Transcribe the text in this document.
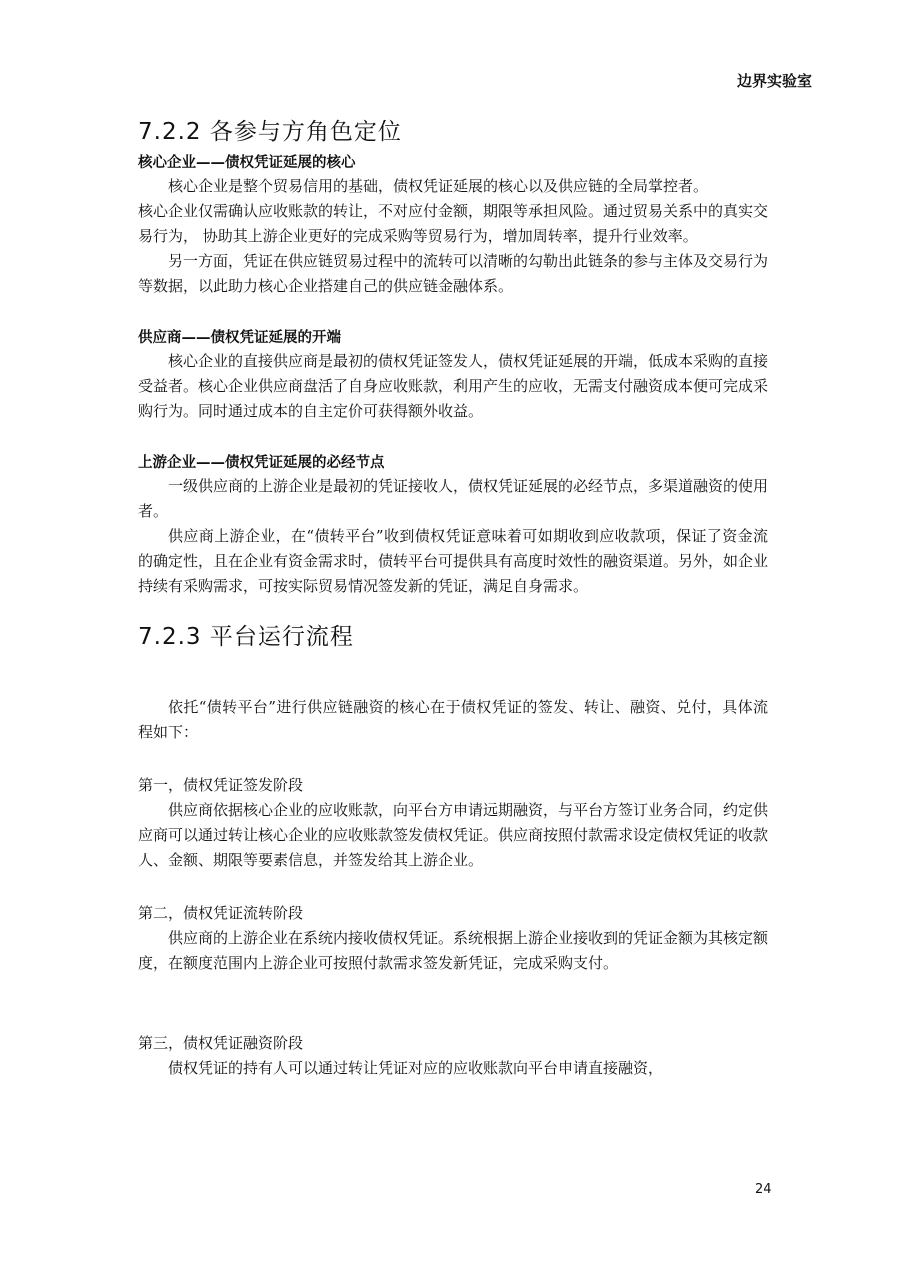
边界实验室
7.2.2 各参与方角色定位
核心企业——债权凭证延展的核心

核心企业是整个贸易信用的基础，债权凭证延展的核心以及供应链的全局掌控者。

核心企业仅需确认应收账款的转让，不对应付金额，期限等承担风险。通过贸易关系中的真实交易行为， 协助其上游企业更好的完成采购等贸易行为，增加周转率，提升行业效率。

另一方面，凭证在供应链贸易过程中的流转可以清晰的勾勒出此链条的参与主体及交易行为等数据，以此助力核心企业搭建自己的供应链金融体系。

供应商——债权凭证延展的开端

核心企业的直接供应商是最初的债权凭证签发人，债权凭证延展的开端，低成本采购的直接受益者。核心企业供应商盘活了自身应收账款，利用产生的应收，无需支付融资成本便可完成采购行为。同时通过成本的自主定价可获得额外收益。

上游企业——债权凭证延展的必经节点

一级供应商的上游企业是最初的凭证接收人，债权凭证延展的必经节点，多渠道融资的使用者。

供应商上游企业，在“债转平台”收到债权凭证意味着可如期收到应收款项，保证了资金流的确定性，且在企业有资金需求时，债转平台可提供具有高度时效性的融资渠道。另外，如企业持续有采购需求，可按实际贸易情况签发新的凭证，满足自身需求。

7.2.3 平台运行流程

依托“债转平台”进行供应链融资的核心在于债权凭证的签发、转让、融资、兑付，具体流程如下：

第一，债权凭证签发阶段

供应商依据核心企业的应收账款，向平台方申请远期融资，与平台方签订业务合同，约定供应商可以通过转让核心企业的应收账款签发债权凭证。供应商按照付款需求设定债权凭证的收款人、金额、期限等要素信息，并签发给其上游企业。

第二，债权凭证流转阶段

供应商的上游企业在系统内接收债权凭证。系统根据上游企业接收到的凭证金额为其核定额度，在额度范围内上游企业可按照付款需求签发新凭证，完成采购支付。

第三，债权凭证融资阶段

债权凭证的持有人可以通过转让凭证对应的应收账款向平台申请直接融资，

24
